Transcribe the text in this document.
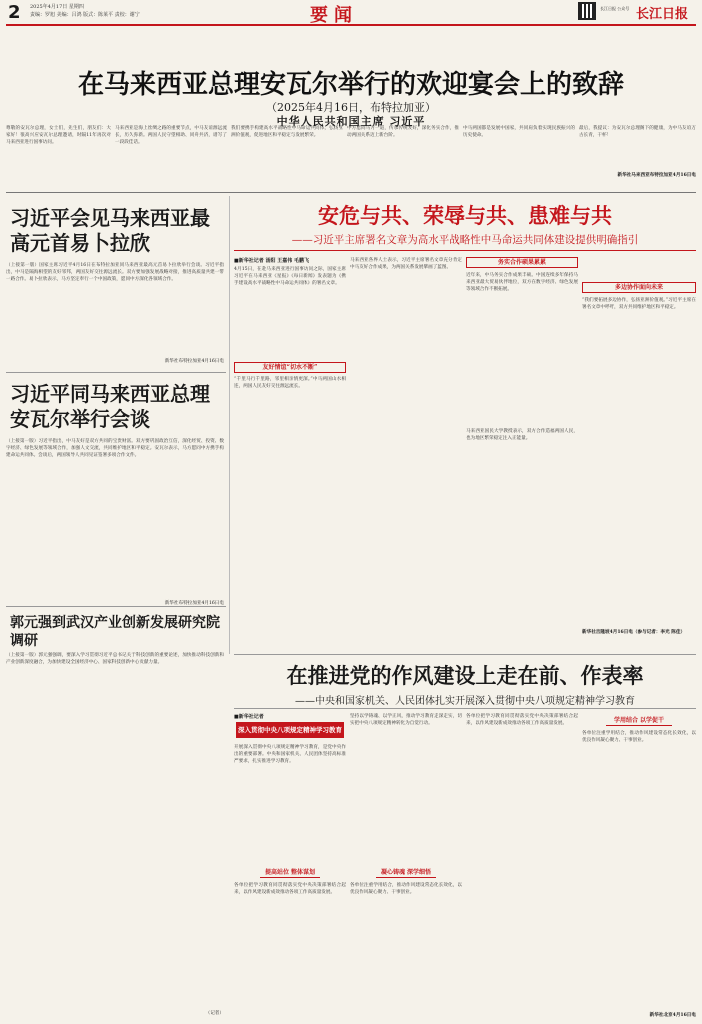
2 2025年4月17日 星期四
责编：罗旭 美编：吕鸿 版式：陈莱平 责校：谢宁	要闻	长江日报 公众号 长江日报
在马来西亚总理安瓦尔举行的欢迎宴会上的致辞
（2025年4月16日，布特拉加亚）
中华人民共和国主席 习近平
尊敬的安瓦尔总理，女士们，先生们，朋友们：大家好！很高兴应安瓦尔总理邀请，时隔11年再次对马来西亚进行国事访问。
马来西亚是海上丝绸之路的重要节点，中马友谊源远流长，历久弥新。两国人民守望相助、同舟共济，谱写了一段段佳话。
我们要携手构建高水平战略性中马命运共同体，弘扬亚洲价值观，促进地区和平稳定与发展繁荣。
中方愿同马方一道，传承传统友好，深化务实合作，推动两国关系迈上新台阶。
中马两国都是发展中国家，共同肩负着实现民族振兴的历史使命。
最后，我提议：为安瓦尔总理阁下的健康，为中马友谊万古长青，干杯！
新华社马来西亚布特拉加亚4月16日电
习近平会见马来西亚最高元首易卜拉欣
（上接第一版）国家主席习近平4月16日在布特拉加亚同马来西亚最高元首易卜拉欣举行会谈。习近平指出，中马是隔海相望的友好邻邦，两国友好交往源远流长。双方要加强发展战略对接，推进高质量共建一带一路合作。易卜拉欣表示，马方坚定奉行一个中国政策，愿同中方深化各领域合作。
新华社布特拉加亚4月16日电
习近平同马来西亚总理安瓦尔举行会谈
（上接第一版）习近平指出，中马友好是双方共同的宝贵财富。双方要巩固政治互信，深化经贸、投资、数字经济、绿色发展等领域合作，加强人文交流，共同维护地区和平稳定。安瓦尔表示，马方愿同中方携手构建命运共同体。会谈后，两国领导人共同见证签署多项合作文件。
新华社布特拉加亚4月16日电
郭元强到武汉产业创新发展研究院调研
（上接第一版）郭元强强调，要深入学习贯彻习近平总书记关于科技创新的重要论述，加快推动科技创新和产业创新深度融合，为加快建设全国经济中心、国家科技创新中心贡献力量。
（记者）
安危与共、荣辱与共、患难与共
——习近平主席署名文章为高水平战略性中马命运共同体建设提供明确指引
■新华社记者 汤阳 王嘉伟 毛鹏飞
4月15日，在赴马来西亚进行国事访问之际，国家主席习近平在马来西亚《星报》《每日新闻》发表题为《携手建设高水平战略性中马命运共同体》的署名文章。
友好情谊“切水不断”
“千里马行千里路，邻里相亲情更深。”中马两国山水相连，两国人民友好交往源远流长。
马来西亚各界人士表示，习近平主席署名文章充分肯定中马友好合作成果，为两国关系发展擘画了蓝图。
务实合作硕果累累
近年来，中马务实合作成果丰硕。中国连续多年保持马来西亚最大贸易伙伴地位，双方在数字经济、绿色发展等领域合作不断拓展。
马来西亚国民大学教授表示，双方合作造福两国人民，也为地区繁荣稳定注入正能量。
多边协作面向未来
“我们要拓展多边协作，弘扬亚洲价值观。”习近平主席在署名文章中呼吁，双方共同维护地区和平稳定。
新华社吉隆坡4月16日电（参与记者：李光 陈佳）
在推进党的作风建设上走在前、作表率
——中央和国家机关、人民团体扎实开展深入贯彻中央八项规定精神学习教育
■新华社记者
深入贯彻中央八项规定精神学习教育
开展深入贯彻中央八项规定精神学习教育，是党中央作出的重要部署。中央和国家机关、人民团体坚持高标准严要求，扎实推进学习教育。
提高站位 整体谋划
各单位把学习教育同贯彻落实党中央决策部署结合起来，以作风建设新成效推动各项工作高质量发展。
坚持以学铸魂、以学正风，推动学习教育走深走实，切实把中央八项规定精神转化为自觉行动。
凝心铸魂 深学细悟
各单位注重学用结合，推动作风建设常态化长效化，以优良作风凝心聚力、干事创业。
各单位把学习教育同贯彻落实党中央决策部署结合起来，以作风建设新成效推动各项工作高质量发展。	学用结合 以学促干
各单位注重学用结合，推动作风建设常态化长效化，以优良作风凝心聚力、干事创业。
新华社北京4月16日电
